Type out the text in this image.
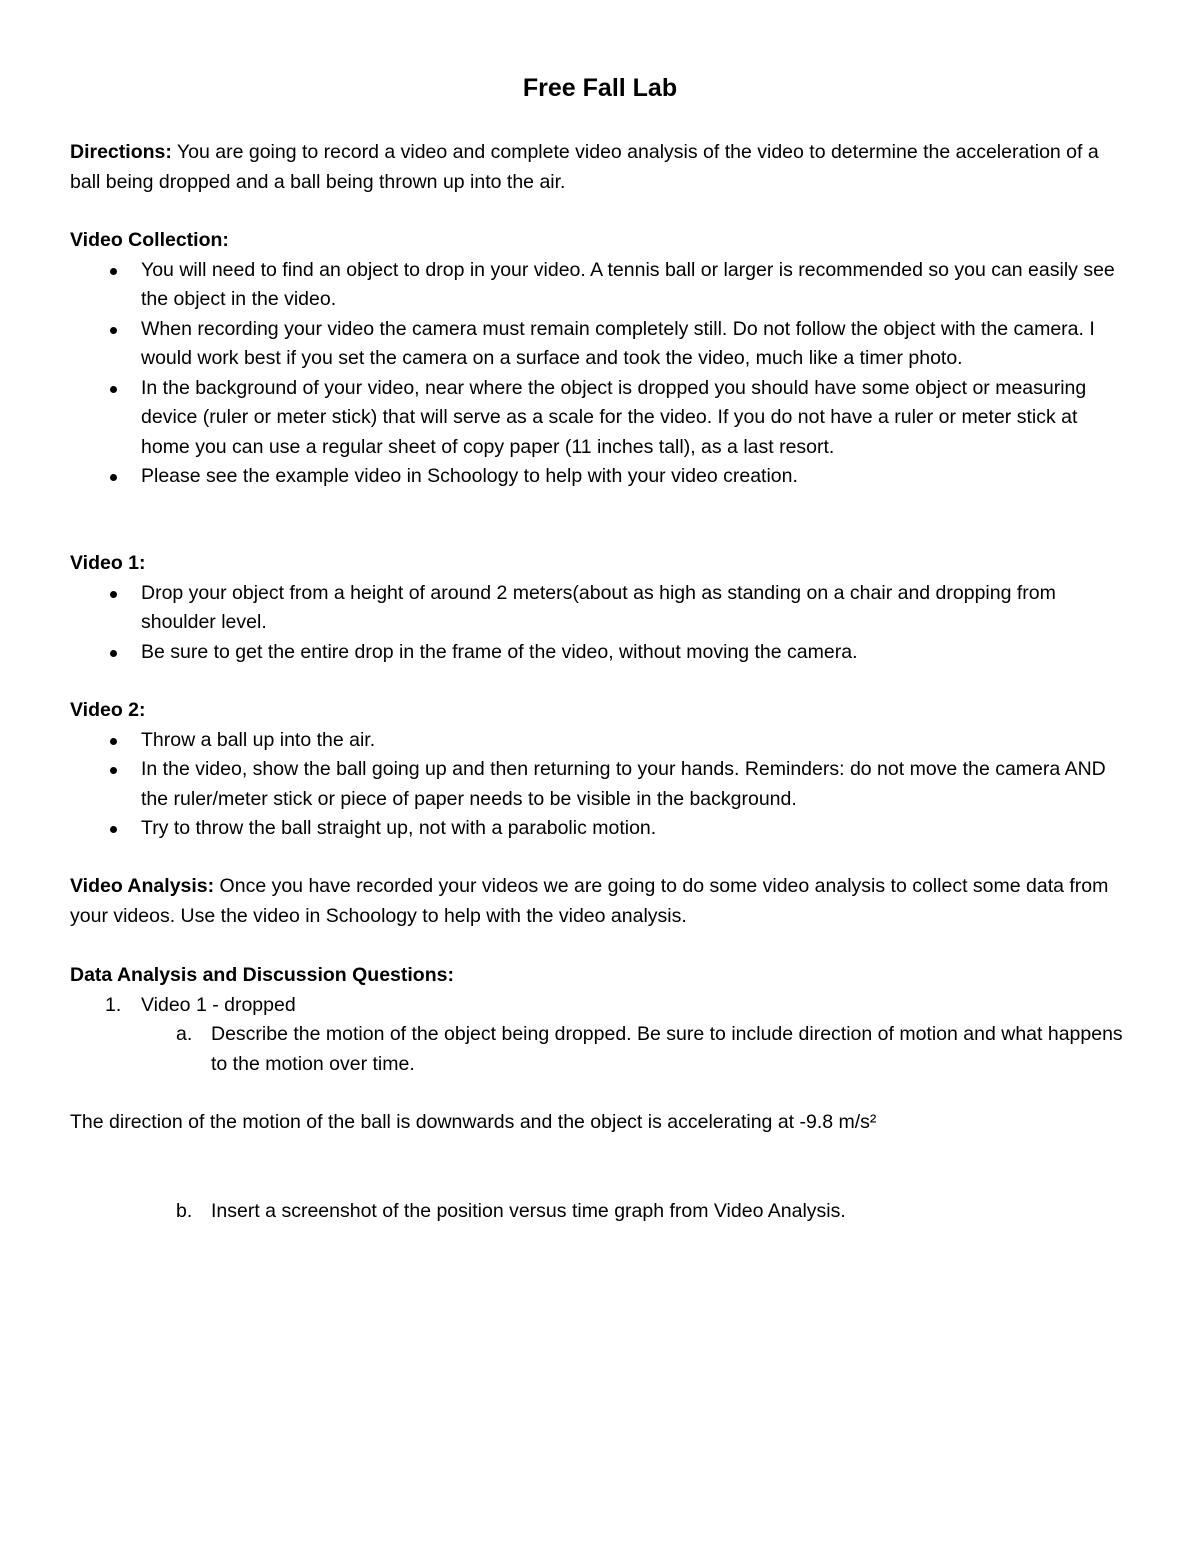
Free Fall Lab

Directions: You are going to record a video and complete video analysis of the video to determine the acceleration of a ball being dropped and a ball being thrown up into the air.

Video Collection:

You will need to find an object to drop in your video. A tennis ball or larger is recommended so you can easily see the object in the video.
When recording your video the camera must remain completely still. Do not follow the object with the camera. I would work best if you set the camera on a surface and took the video, much like a timer photo.
In the background of your video, near where the object is dropped you should have some object or measuring device (ruler or meter stick) that will serve as a scale for the video. If you do not have a ruler or meter stick at home you can use a regular sheet of copy paper (11 inches tall), as a last resort.
Please see the example video in Schoology to help with your video creation.

Video 1:

Drop your object from a height of around 2 meters(about as high as standing on a chair and dropping from shoulder level.
Be sure to get the entire drop in the frame of the video, without moving the camera.

Video 2:

Throw a ball up into the air.
In the video, show the ball going up and then returning to your hands. Reminders: do not move the camera AND the ruler/meter stick or piece of paper needs to be visible in the background.
Try to throw the ball straight up, not with a parabolic motion.

Video Analysis: Once you have recorded your videos we are going to do some video analysis to collect some data from your videos. Use the video in Schoology to help with the video analysis.

Data Analysis and Discussion Questions:

1. Video 1 - dropped
a. Describe the motion of the object being dropped. Be sure to include direction of motion and what happens to the motion over time.

The direction of the motion of the ball is downwards and the object is accelerating at -9.8 m/s²

b. Insert a screenshot of the position versus time graph from Video Analysis.
